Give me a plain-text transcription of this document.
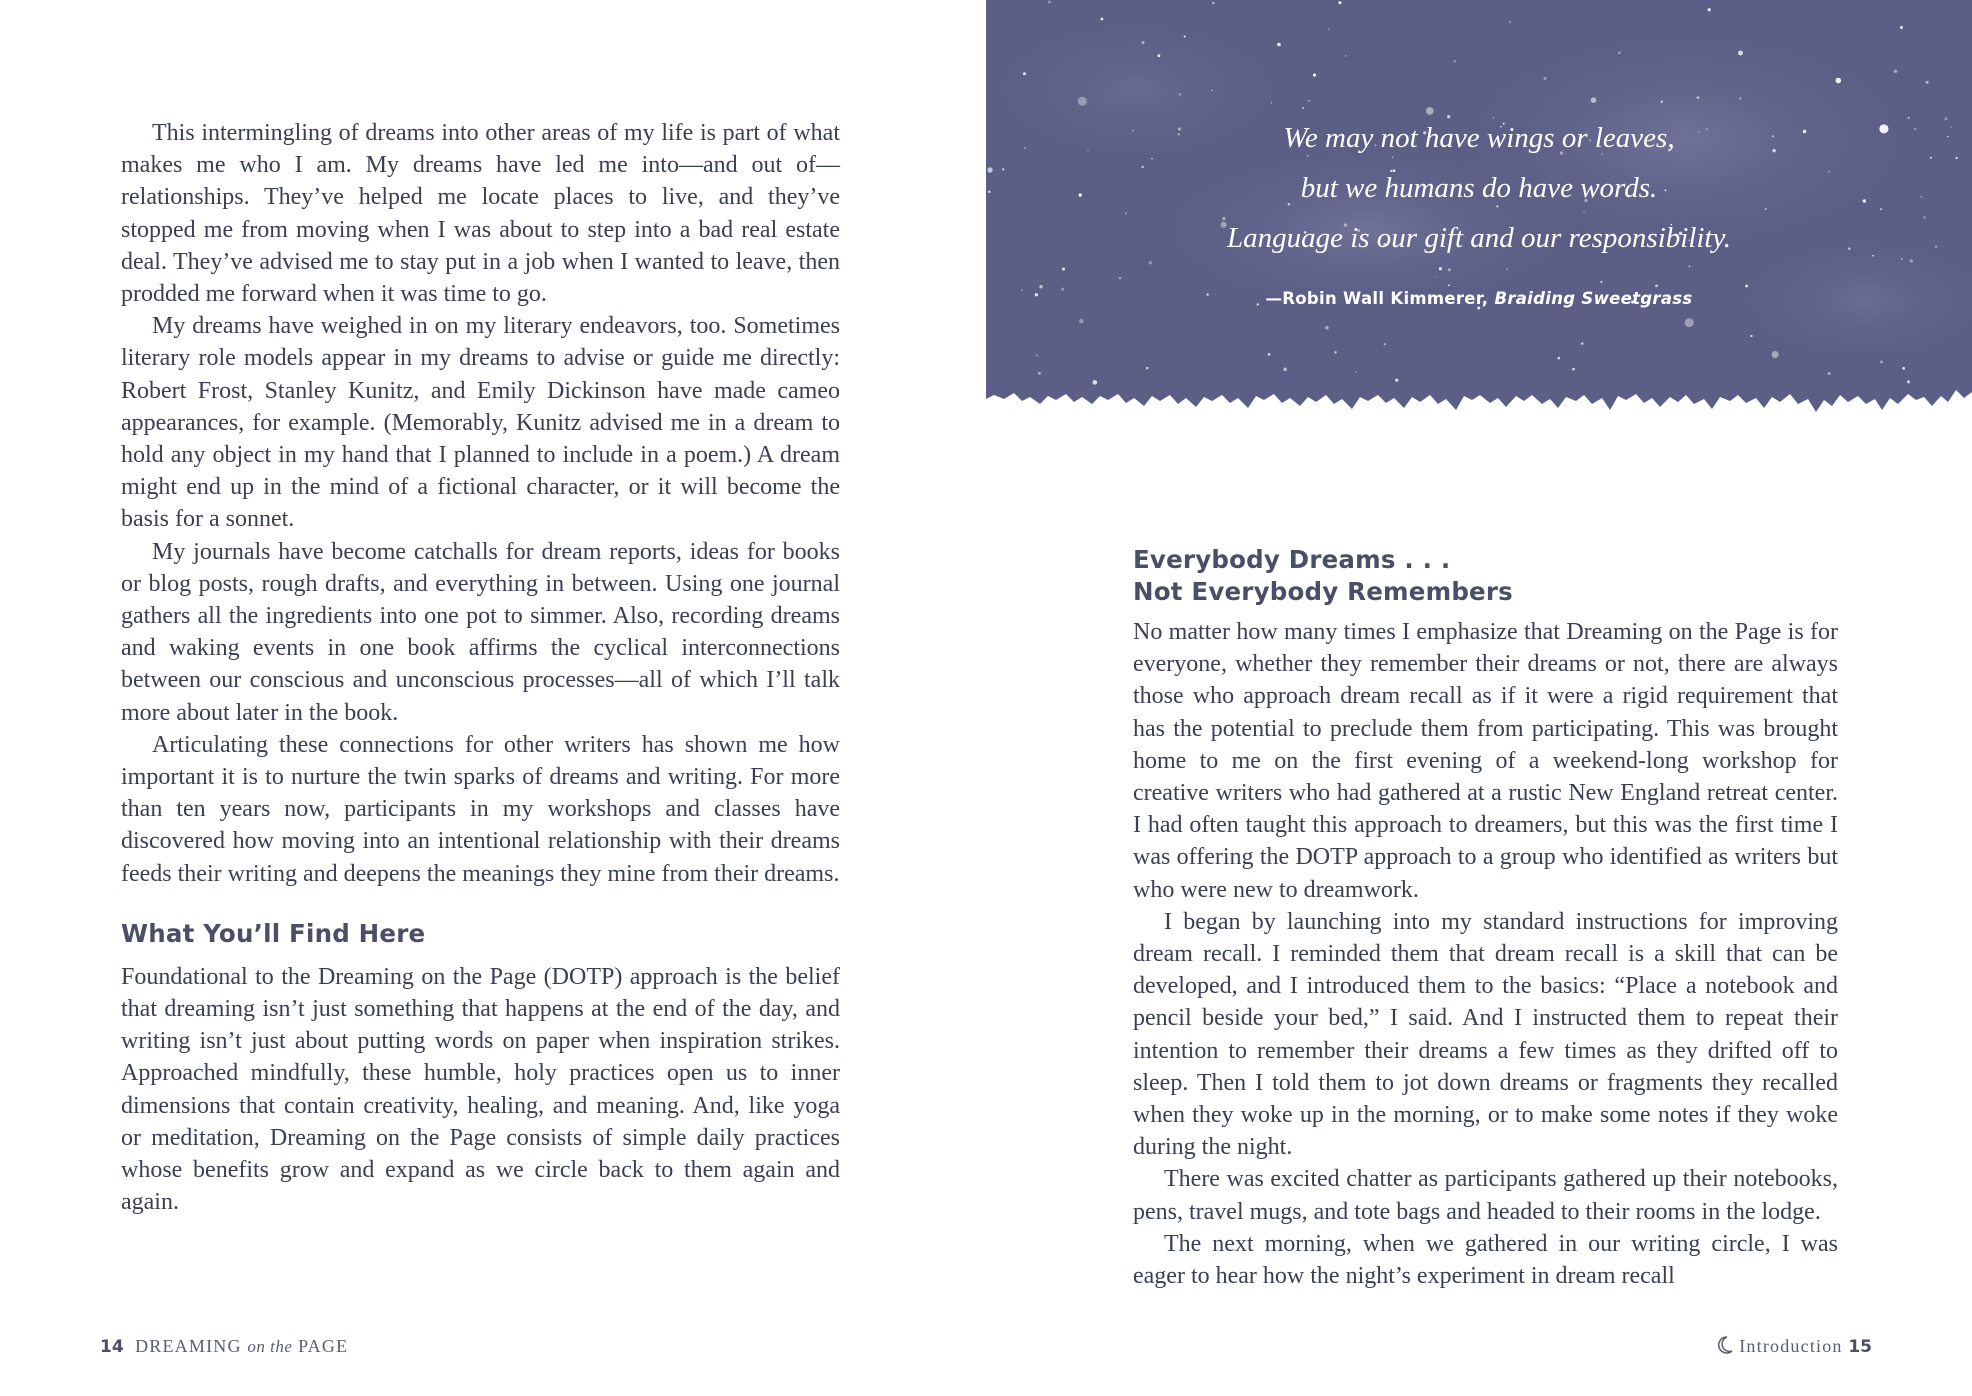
This intermingling of dreams into other areas of my life is part of what makes me who I am. My dreams have led me into—and out of—relationships. They’ve helped me locate places to live, and they’ve stopped me from moving when I was about to step into a bad real estate deal. They’ve advised me to stay put in a job when I wanted to leave, then prodded me forward when it was time to go.

My dreams have weighed in on my literary endeavors, too. Sometimes literary role models appear in my dreams to advise or guide me directly: Robert Frost, Stanley Kunitz, and Emily Dickinson have made cameo appearances, for example. (Memorably, Kunitz advised me in a dream to hold any object in my hand that I planned to include in a poem.) A dream might end up in the mind of a fictional character, or it will become the basis for a sonnet.

My journals have become catchalls for dream reports, ideas for books or blog posts, rough drafts, and everything in between. Using one journal gathers all the ingredients into one pot to simmer. Also, recording dreams and waking events in one book affirms the cyclical interconnections between our conscious and unconscious processes—all of which I’ll talk more about later in the book.

Articulating these connections for other writers has shown me how important it is to nurture the twin sparks of dreams and writing. For more than ten years now, participants in my workshops and classes have discovered how moving into an intentional relationship with their dreams feeds their writing and deepens the meanings they mine from their dreams.

What You’ll Find Here

Foundational to the Dreaming on the Page (DOTP) approach is the belief that dreaming isn’t just something that happens at the end of the day, and writing isn’t just about putting words on paper when inspiration strikes. Approached mindfully, these humble, holy practices open us to inner dimensions that contain creativity, healing, and meaning. And, like yoga or meditation, Dreaming on the Page consists of simple daily practices whose benefits grow and expand as we circle back to them again and again.

14 DREAMING on the PAGE
We may not have wings or leaves,
but we humans do have words.
Language is our gift and our responsibility.
—Robin Wall Kimmerer, Braiding Sweetgrass
Everybody Dreams . . .
Not Everybody Remembers

No matter how many times I emphasize that Dreaming on the Page is for everyone, whether they remember their dreams or not, there are always those who approach dream recall as if it were a rigid requirement that has the potential to preclude them from participating. This was brought home to me on the first evening of a weekend-long workshop for creative writers who had gathered at a rustic New England retreat center. I had often taught this approach to dreamers, but this was the first time I was offering the DOTP approach to a group who identified as writers but who were new to dreamwork.

I began by launching into my standard instructions for improving dream recall. I reminded them that dream recall is a skill that can be developed, and I introduced them to the basics: “Place a notebook and pencil beside your bed,” I said. And I instructed them to repeat their intention to remember their dreams a few times as they drifted off to sleep. Then I told them to jot down dreams or fragments they recalled when they woke up in the morning, or to make some notes if they woke during the night.

There was excited chatter as participants gathered up their notebooks, pens, travel mugs, and tote bags and headed to their rooms in the lodge.

The next morning, when we gathered in our writing circle, I was eager to hear how the night’s experiment in dream recall

Introduction 15
